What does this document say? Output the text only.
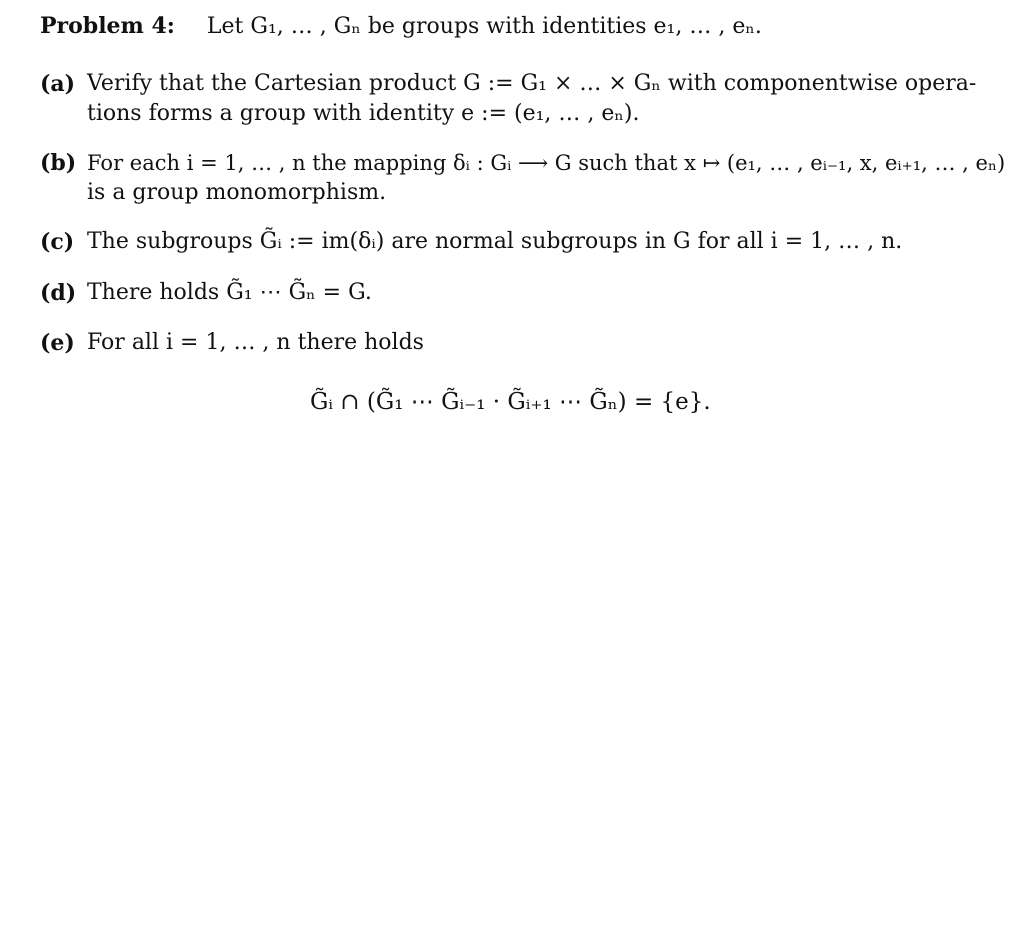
Problem 4: Let G₁, … , Gₙ be groups with identities e₁, … , eₙ.
(a) Verify that the Cartesian product G := G₁ × … × Gₙ with componentwise opera-
tions forms a group with identity e := (e₁, … , eₙ).
(b) For each i = 1, … , n the mapping δᵢ : Gᵢ ⟶ G such that x ↦ (e₁, … , eᵢ₋₁, x, eᵢ₊₁, … , eₙ)
is a group monomorphism.
(c) The subgroups G̃ᵢ := im(δᵢ) are normal subgroups in G for all i = 1, … , n.
(d) There holds G̃₁ ⋯ G̃ₙ = G.
(e) For all i = 1, … , n there holds
G̃ᵢ ∩ (G̃₁ ⋯ G̃ᵢ₋₁ · G̃ᵢ₊₁ ⋯ G̃ₙ) = {e}.
